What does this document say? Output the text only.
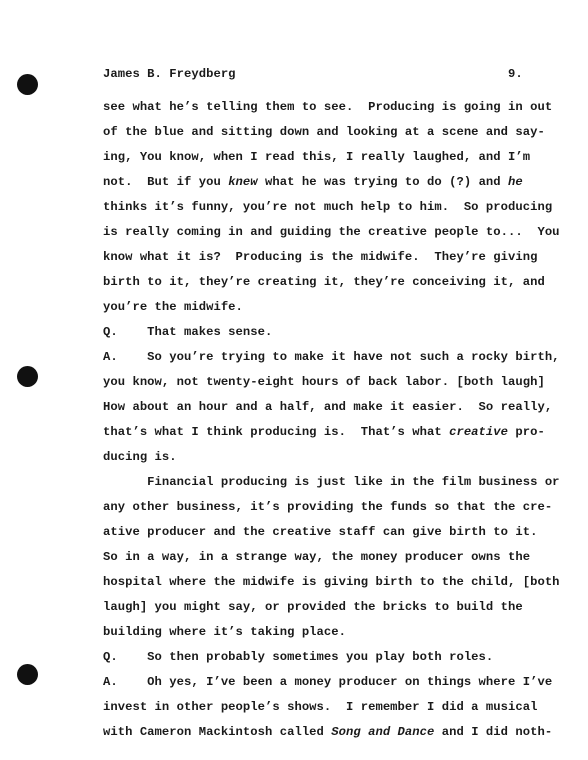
James B. Freydberg	9.
see what he’s telling them to see.  Producing is going in out
of the blue and sitting down and looking at a scene and say-
ing, You know, when I read this, I really laughed, and I’m
not.  But if you knew what he was trying to do (?) and he
thinks it’s funny, you’re not much help to him.  So producing
is really coming in and guiding the creative people to...  You
know what it is?  Producing is the midwife.  They’re giving
birth to it, they’re creating it, they’re conceiving it, and
you’re the midwife.
Q.    That makes sense.
A.    So you’re trying to make it have not such a rocky birth,
you know, not twenty-eight hours of back labor. [both laugh]
How about an hour and a half, and make it easier.  So really,
that’s what I think producing is.  That’s what creative pro-
ducing is.
Financial producing is just like in the film business or
any other business, it’s providing the funds so that the cre-
ative producer and the creative staff can give birth to it.
So in a way, in a strange way, the money producer owns the
hospital where the midwife is giving birth to the child, [both
laugh] you might say, or provided the bricks to build the
building where it’s taking place.
Q.    So then probably sometimes you play both roles.
A.    Oh yes, I’ve been a money producer on things where I’ve
invest in other people’s shows.  I remember I did a musical
with Cameron Mackintosh called Song and Dance and I did noth-
